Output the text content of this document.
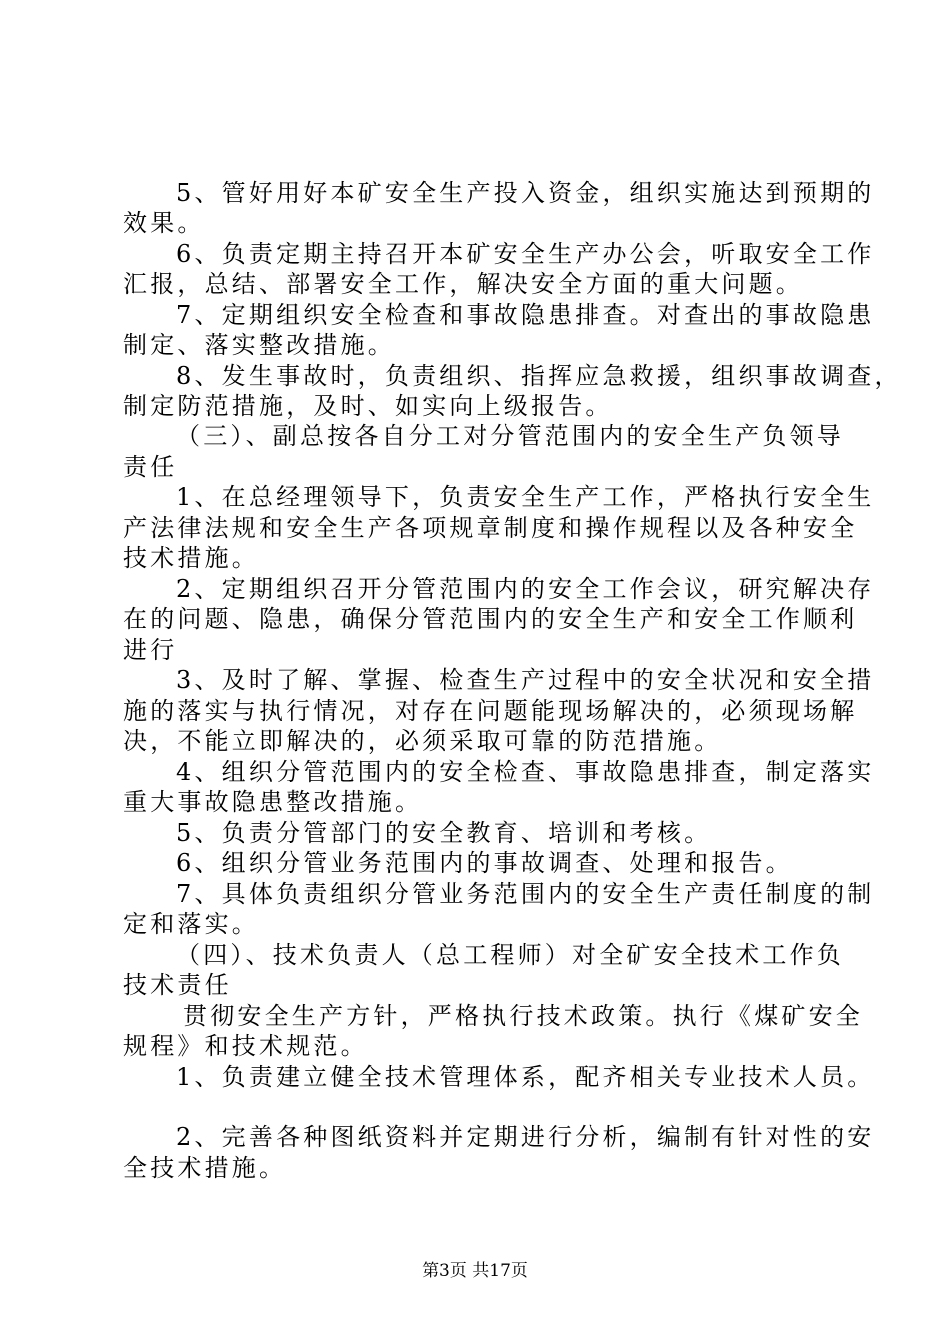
5、管好用好本矿安全生产投入资金，组织实施达到预期的
效果。
6、负责定期主持召开本矿安全生产办公会，听取安全工作
汇报，总结、部署安全工作，解决安全方面的重大问题。
7、定期组织安全检查和事故隐患排查。对查出的事故隐患
制定、落实整改措施。
8、发生事故时，负责组织、指挥应急救援，组织事故调查，
制定防范措施，及时、如实向上级报告。
（三）、副总按各自分工对分管范围内的安全生产负领导
责任
1、在总经理领导下，负责安全生产工作，严格执行安全生
产法律法规和安全生产各项规章制度和操作规程以及各种安全
技术措施。
2、定期组织召开分管范围内的安全工作会议，研究解决存
在的问题、隐患，确保分管范围内的安全生产和安全工作顺利
进行
3、及时了解、掌握、检查生产过程中的安全状况和安全措
施的落实与执行情况，对存在问题能现场解决的，必须现场解
决，不能立即解决的，必须采取可靠的防范措施。
4、组织分管范围内的安全检查、事故隐患排查，制定落实
重大事故隐患整改措施。
5、负责分管部门的安全教育、培训和考核。
6、组织分管业务范围内的事故调查、处理和报告。
7、具体负责组织分管业务范围内的安全生产责任制度的制
定和落实。
（四）、技术负责人（总工程师）对全矿安全技术工作负
技术责任
贯彻安全生产方针，严格执行技术政策。执行《煤矿安全
规程》和技术规范。
1、负责建立健全技术管理体系，配齐相关专业技术人员。
2、完善各种图纸资料并定期进行分析，编制有针对性的安
全技术措施。
第3页 共17页
